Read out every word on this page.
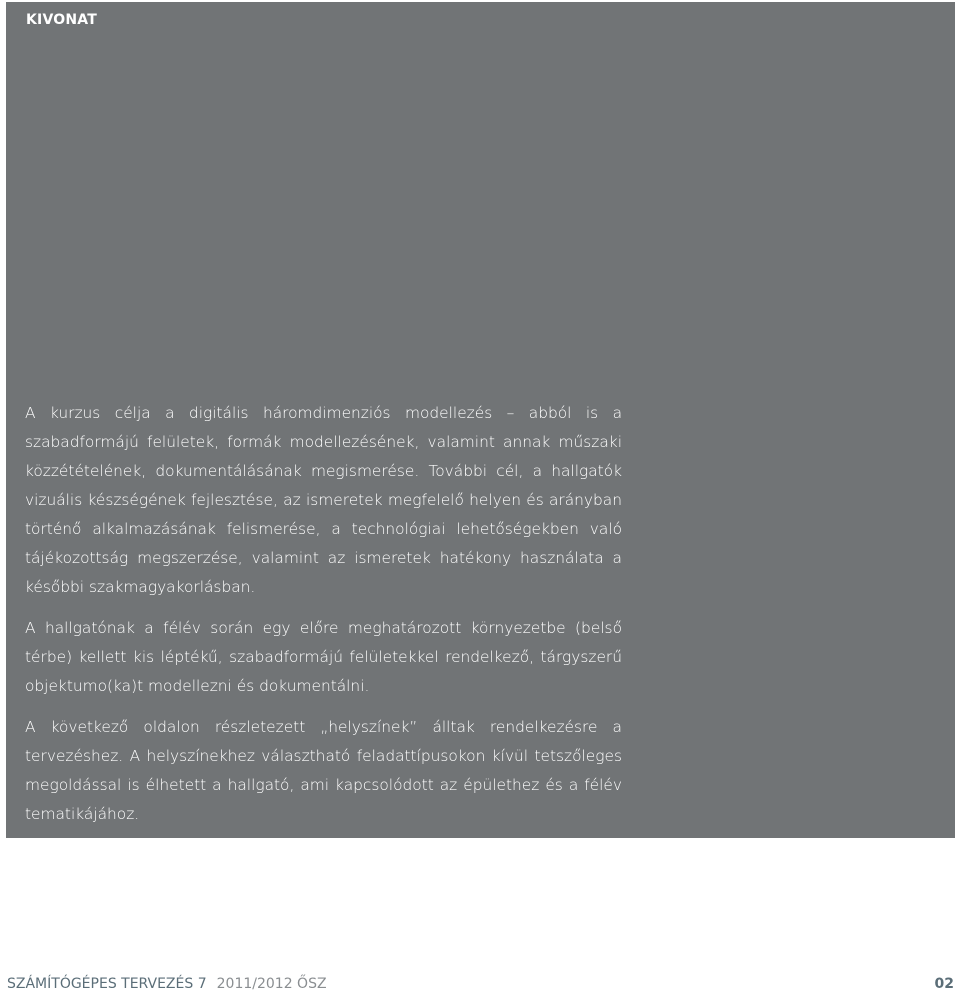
KIVONAT

A kurzus célja a digitális háromdimenziós modellezés – abból is a szabadformájú felületek, formák modellezésének, valamint annak műszaki közzétételének, dokumentálásának megismerése. További cél, a hallgatók vizuális készségének fejlesztése, az ismeretek megfelelő helyen és arányban történő alkalmazásának felismerése, a technológiai lehetőségekben való tájékozottság megszerzése, valamint az ismeretek hatékony használata a későbbi szakmagyakorlásban.

A hallgatónak a félév során egy előre meghatározott környezetbe (belső térbe) kellett kis léptékű, szabadformájú felületekkel rendelkező, tárgyszerű objektumo(ka)t modellezni és dokumentálni.

A következő oldalon részletezett „helyszínek” álltak rendelkezésre a tervezéshez. A helyszínekhez választható feladattípusokon kívül tetszőleges megoldással is élhetett a hallgató, ami kapcsolódott az épülethez és a félév tematikájához.

SZÁMÍTÓGÉPES TERVEZÉS 7 2011/2012 ŐSZ	02
